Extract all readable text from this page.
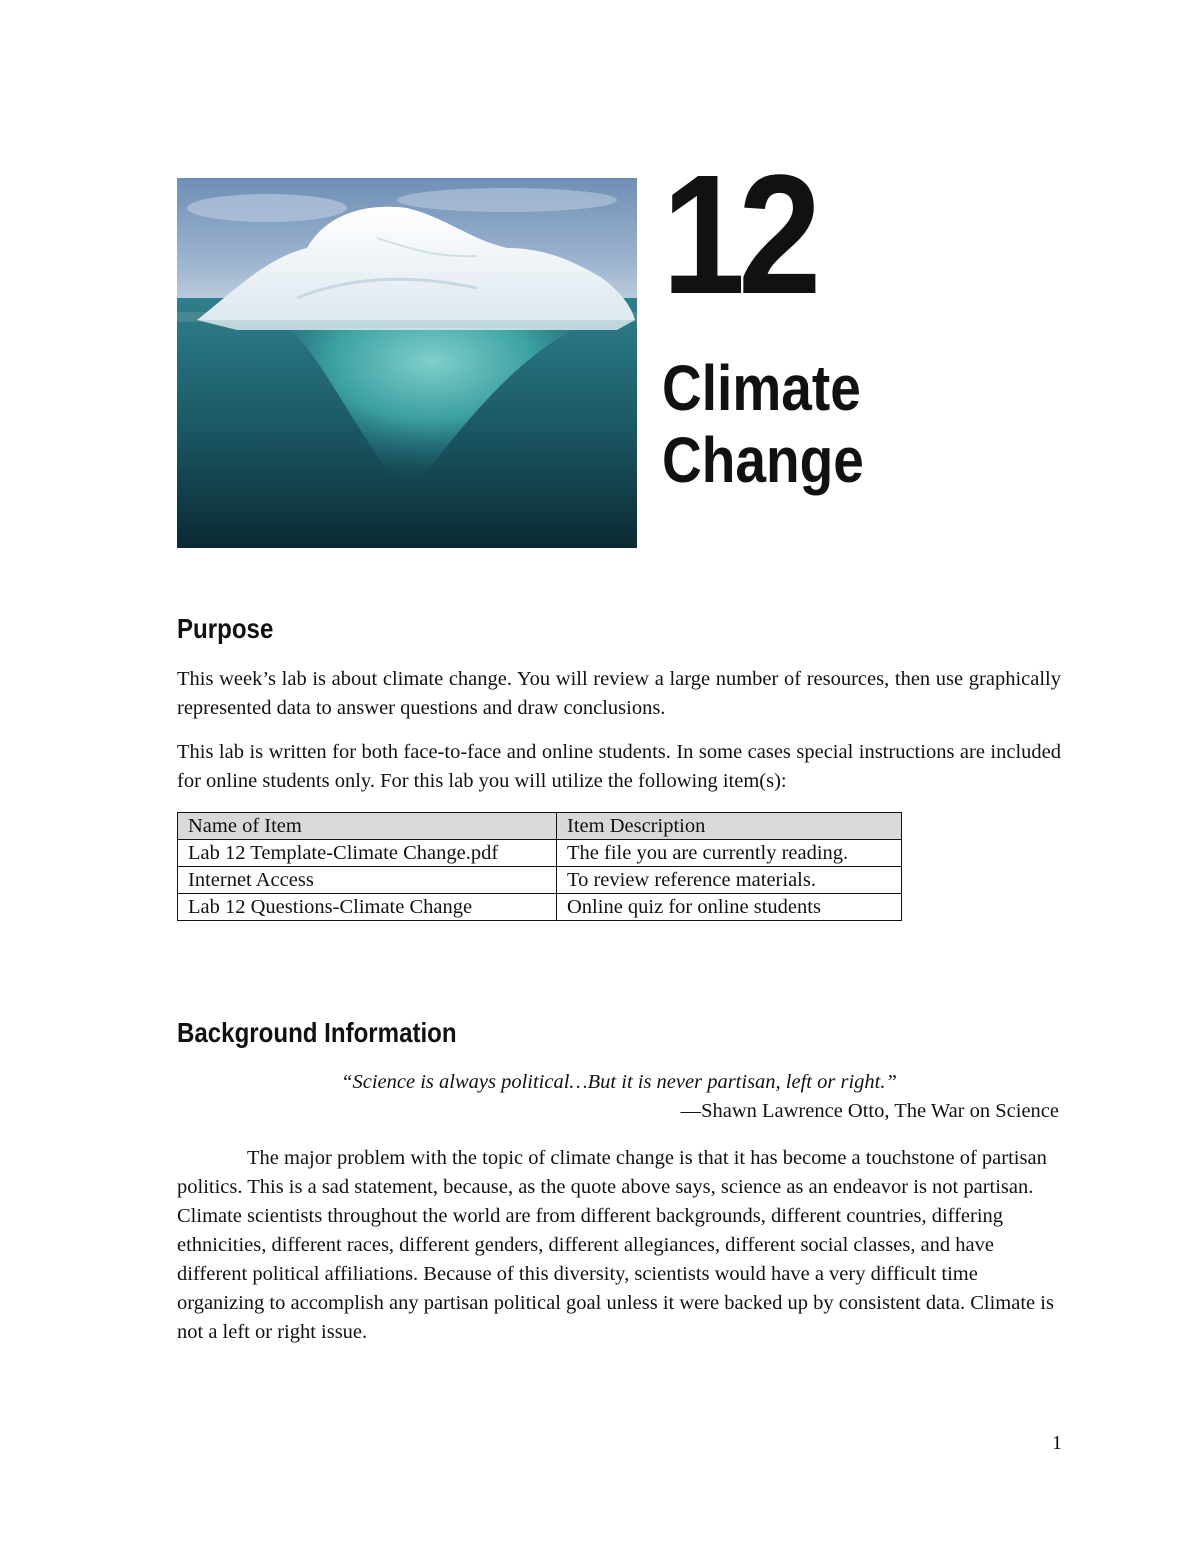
12
Climate
Change
Purpose

This week’s lab is about climate change. You will review a large number of resources, then use graphically represented data to answer questions and draw conclusions.

This lab is written for both face-to-face and online students. In some cases special instructions are included for online students only. For this lab you will utilize the following item(s):

Name of Item	Item Description
Lab 12 Template-Climate Change.pdf	The file you are currently reading.
Internet Access	To review reference materials.
Lab 12 Questions-Climate Change	Online quiz for online students
Background Information

“Science is always political…But it is never partisan, left or right.”

—Shawn Lawrence Otto, The War on Science

The major problem with the topic of climate change is that it has become a touchstone of partisan politics. This is a sad statement, because, as the quote above says, science as an endeavor is not partisan. Climate scientists throughout the world are from different backgrounds, different countries, differing ethnicities, different races, different genders, different allegiances, different social classes, and have different political affiliations. Because of this diversity, scientists would have a very difficult time organizing to accomplish any partisan political goal unless it were backed up by consistent data. Climate is not a left or right issue.

1
